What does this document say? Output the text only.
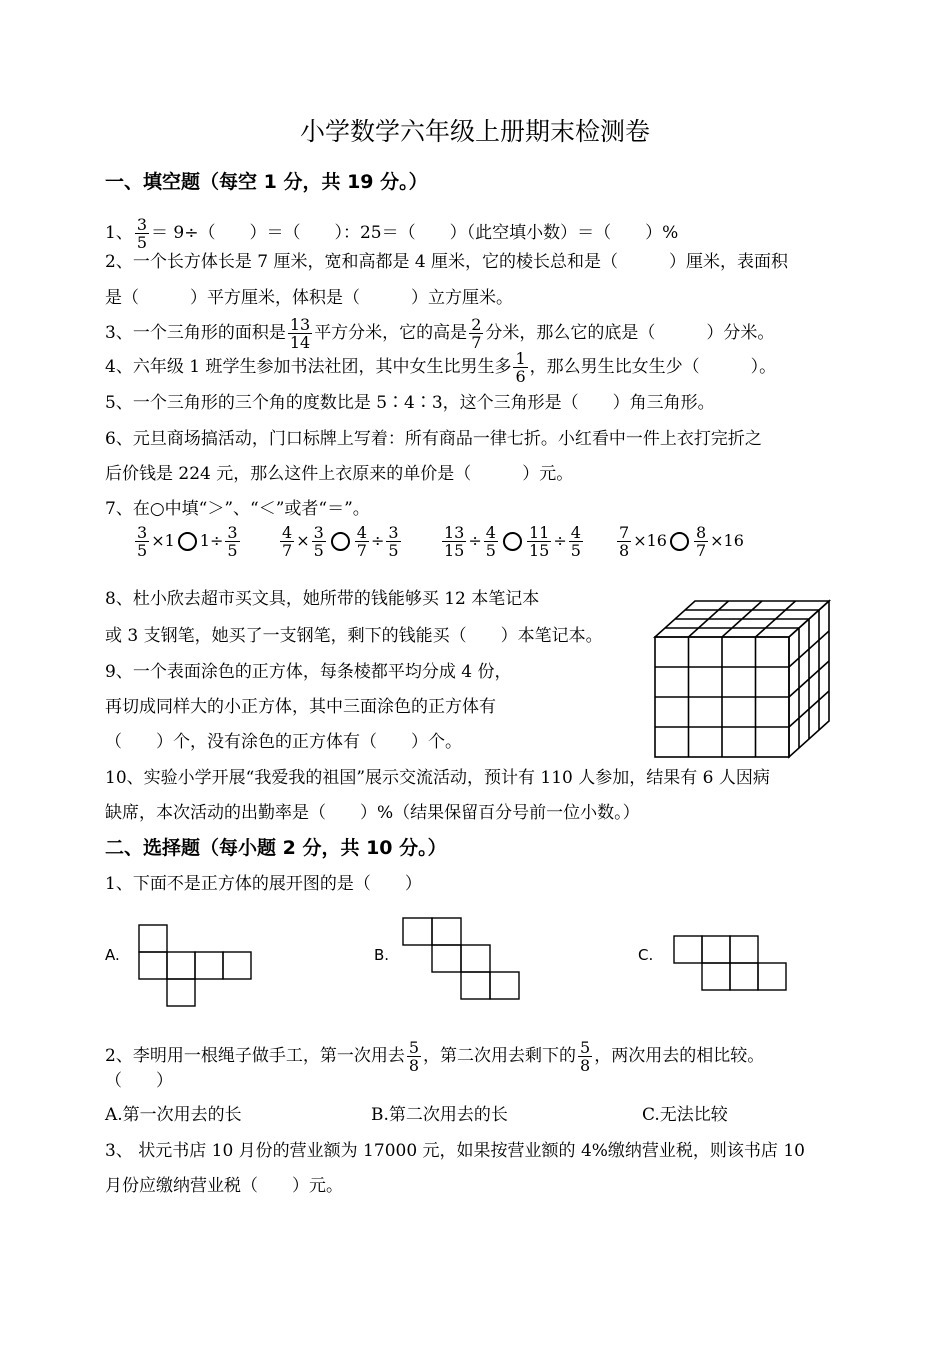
小学数学六年级上册期末检测卷
一、填空题（每空 1 分，共 19 分。）
1、 $\frac{3}{5} = 9\div$（　　）＝（　　）：25＝（　　）（此空填小数）＝（　　）%
2、一个长方体长是 7 厘米，宽和高都是 4 厘米，它的棱长总和是（　　　）厘米，表面积
是（　　　）平方厘米，体积是（　　　）立方厘米。
3、一个三角形的面积是 $\frac{13}{14}$ 平方分米，它的高是 $\frac{2}{7}$ 分米，那么它的底是（　　　）分米。
4、六年级 1 班学生参加书法社团，其中女生比男生多 $\frac{1}{6}$ ，那么男生比女生少（　　　）。
5、一个三角形的三个角的度数比是 5∶4∶3，这个三角形是（　　）角三角形。
6、元旦商场搞活动，门口标牌上写着：所有商品一律七折。小红看中一件上衣打完折之
后价钱是 224 元，那么这件上衣原来的单价是（　　　）元。
7、在○中填“＞”、“＜”或者“＝”。
$\frac{3}{5} \times 1$ $1\div \frac{3}{5}$	$\frac{4}{7} \times \frac{3}{5} \frac{4}{7} \div \frac{3}{5}$	$\frac{13}{15} \div \frac{4}{5} \frac{11}{15} \div \frac{4}{5} \frac{7}{8} \times 16 \frac{8}{7} \times 16$
8、杜小欣去超市买文具，她所带的钱能够买 12 本笔记本
或 3 支钢笔，她买了一支钢笔，剩下的钱能买（　　）本笔记本。
9、一个表面涂色的正方体，每条棱都平均分成 4 份，
再切成同样大的小正方体，其中三面涂色的正方体有
（　　）个，没有涂色的正方体有（　　）个。
10、实验小学开展“我爱我的祖国”展示交流活动，预计有 110 人参加，结果有 6 人因病
缺席，本次活动的出勤率是（　　）%（结果保留百分号前一位小数。）
二、选择题（每小题 2 分，共 10 分。）
1、下面不是正方体的展开图的是（　　）
A.	B.	C.
2、李明用一根绳子做手工，第一次用去 $\frac{5}{8}$ ，第二次用去剩下的 $\frac{5}{8}$ ，两次用去的相比较。
（　　）
A.第一次用去的长	B.第二次用去的长	C.无法比较
3、 状元书店 10 月份的营业额为 17000 元，如果按营业额的 4%缴纳营业税，则该书店 10
月份应缴纳营业税（　　）元。
